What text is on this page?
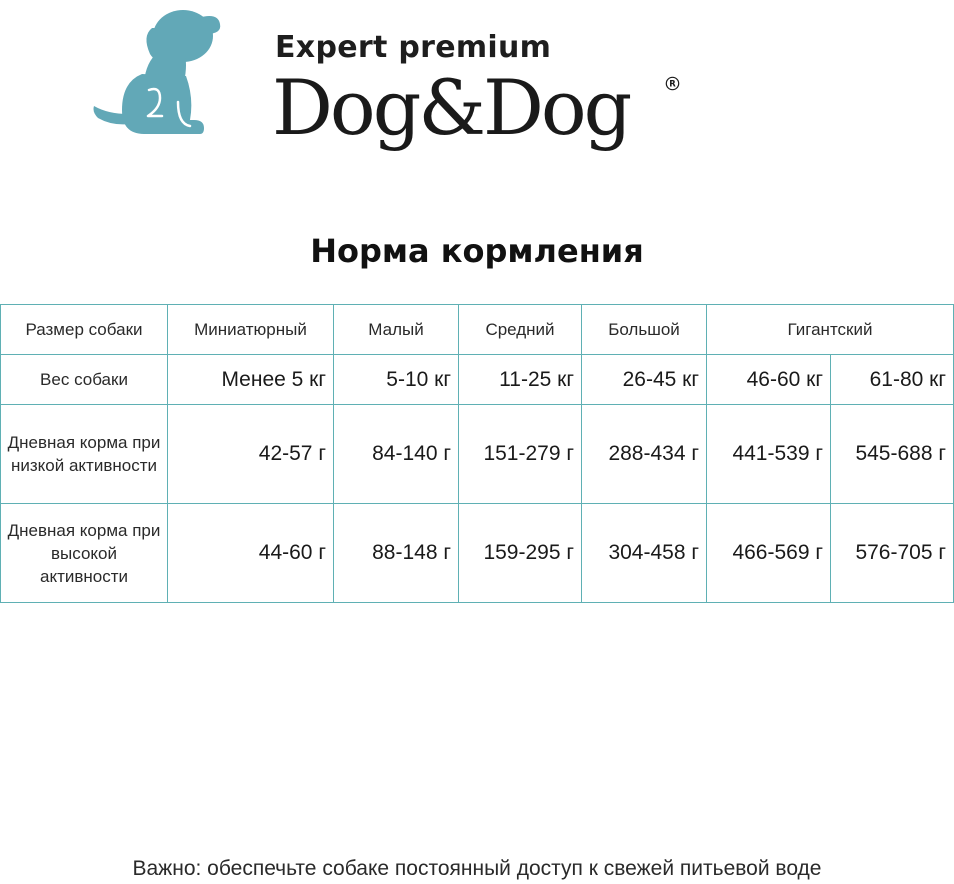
Expert premium
Dog&Dog	R
Норма кормления
Размер собаки	Миниатюрный	Малый	Средний	Большой	Гигантский	
Вес собаки	Менее 5 кг	5-10 кг	11-25 кг	26-45 кг	46-60 кг	61-80 кг
Дневная корма при низкой активности	42-57 г	84-140 г	151-279 г	288-434 г	441-539 г	545-688 г
Дневная корма при высокой активности	44-60 г	88-148 г	159-295 г	304-458 г	466-569 г	576-705 г
Важно: обеспечьте собаке постоянный доступ к свежей питьевой воде
